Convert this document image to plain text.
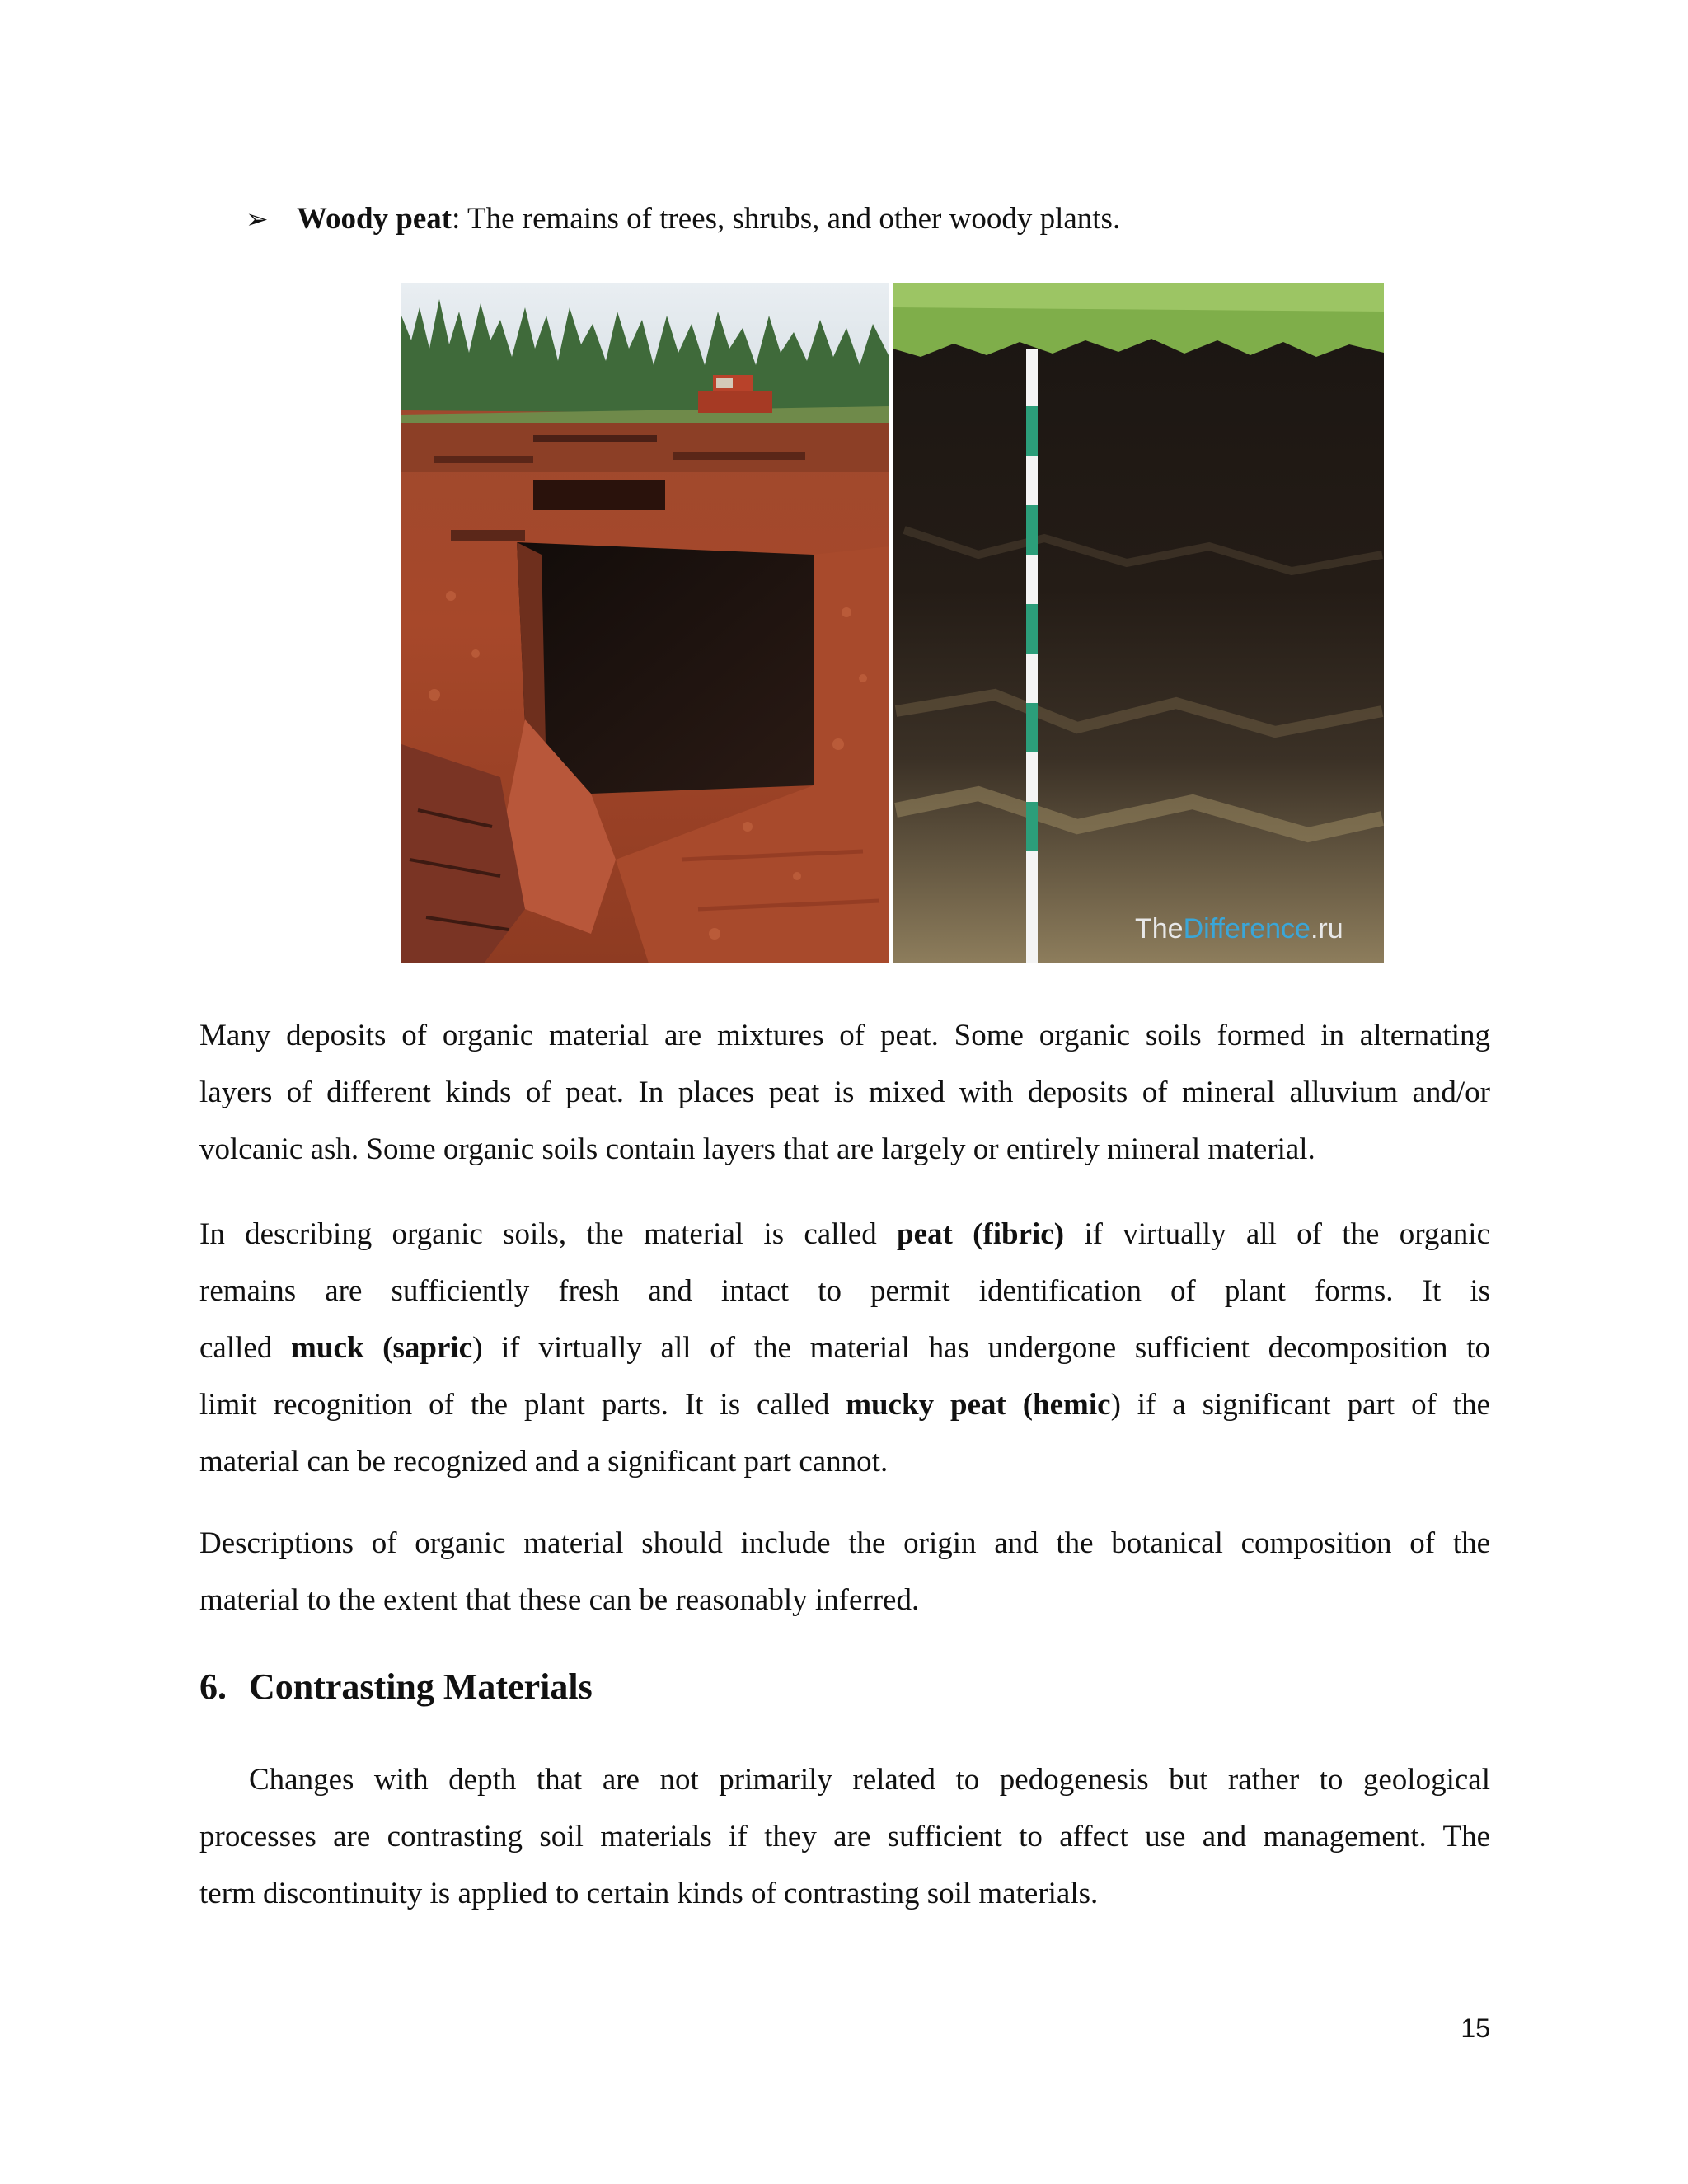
➢ Woody peat: The remains of trees, shrubs, and other woody plants.
TheDifference.ru
Many deposits of organic material are mixtures of peat. Some organic soils formed in alternating
layers of different kinds of peat. In places peat is mixed with deposits of mineral alluvium and/or
volcanic ash. Some organic soils contain layers that are largely or entirely mineral material.
In describing organic soils, the material is called peat (fibric) if virtually all of the organic
remains are sufficiently fresh and intact to permit identification of plant forms. It is
called muck (sapric) if virtually all of the material has undergone sufficient decomposition to
limit recognition of the plant parts. It is called mucky peat (hemic) if a significant part of the
material can be recognized and a significant part cannot.
Descriptions of organic material should include the origin and the botanical composition of the
material to the extent that these can be reasonably inferred.
6. Contrasting Materials
Changes with depth that are not primarily related to pedogenesis but rather to geological
processes are contrasting soil materials if they are sufficient to affect use and management. The
term discontinuity is applied to certain kinds of contrasting soil materials.
15
